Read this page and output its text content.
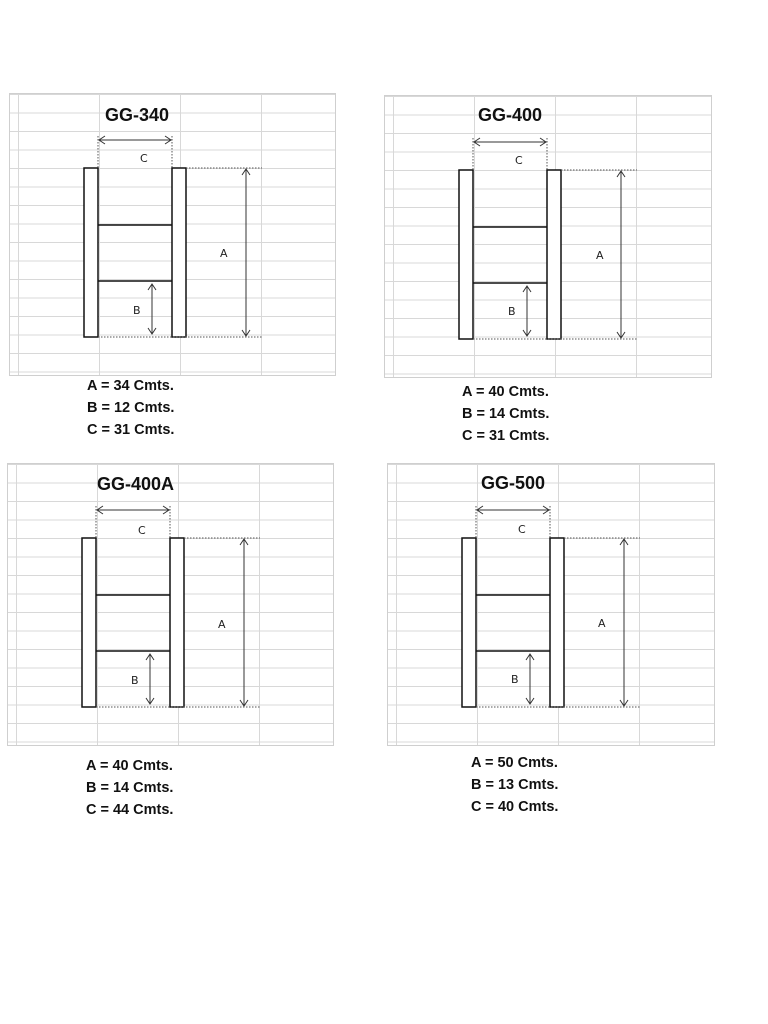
GG-340
C
A
B
A = 34 Cmts.
B = 12 Cmts.
C = 31 Cmts.
GG-400
C
A
B
A = 40 Cmts.
B = 14 Cmts.
C = 31 Cmts.
GG-400A
C
A
B
A = 40 Cmts.
B = 14 Cmts.
C = 44 Cmts.
GG-500
C
A
B
A = 50 Cmts.
B = 13 Cmts.
C = 40 Cmts.
